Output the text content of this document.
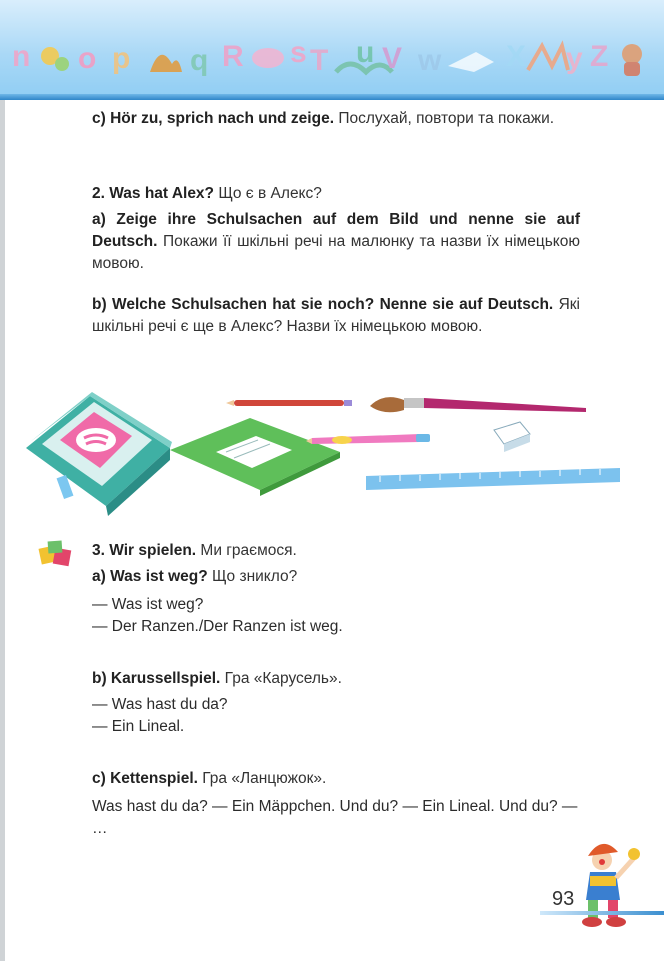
n o p q R s T u V w X y Z
c) Hör zu, sprich nach und zeige. Послухай, повтори та покажи.
2. Was hat Alex? Що є в Алекс?
a) Zeige ihre Schulsachen auf dem Bild und nenne sie auf Deutsch. Покажи її шкільні речі на малюнку та назви їх німецькою мовою.
b) Welche Schulsachen hat sie noch? Nenne sie auf Deutsch. Які шкільні речі є ще в Алекс? Назви їх німецькою мовою.
3. Wir spielen. Ми граємося.
a) Was ist weg? Що зникло?
— Was ist weg?
— Der Ranzen./Der Ranzen ist weg.
b) Karussellspiel. Гра «Карусель».
— Was hast du da?
— Ein Lineal.
c) Kettenspiel. Гра «Ланцюжок».
Was hast du da? — Ein Mäppchen. Und du? — Ein Lineal. Und du? — …
93
